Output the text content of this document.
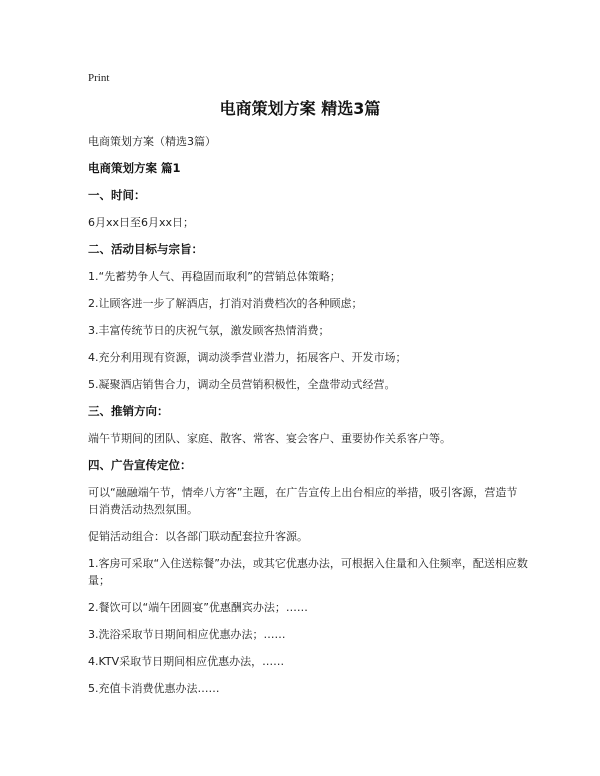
Print
电商策划方案 精选3篇

电商策划方案（精选3篇）

电商策划方案 篇1

一、时间：

6月xx日至6月xx日；

二、活动目标与宗旨：

1.“先蓄势争人气、再稳固而取利”的营销总体策略；

2.让顾客进一步了解酒店，打消对消费档次的各种顾虑；

3.丰富传统节日的庆祝气氛，激发顾客热情消费；

4.充分利用现有资源，调动淡季营业潜力，拓展客户、开发市场；

5.凝聚酒店销售合力，调动全员营销积极性，全盘带动式经营。

三、推销方向：

端午节期间的团队、家庭、散客、常客、宴会客户、重要协作关系客户等。

四、广告宣传定位：

可以“融融端午节，情牵八方客”主题，在广告宣传上出台相应的举措，吸引客源，营造节日消费活动热烈氛围。

促销活动组合：以各部门联动配套拉升客源。

1.客房可采取“入住送粽餐”办法，或其它优惠办法，可根据入住量和入住频率，配送相应数量；

2.餐饮可以“端午团圆宴”优惠酬宾办法；……

3.洗浴采取节日期间相应优惠办法；……

4.KTV采取节日期间相应优惠办法，……

5.充值卡消费优惠办法……
